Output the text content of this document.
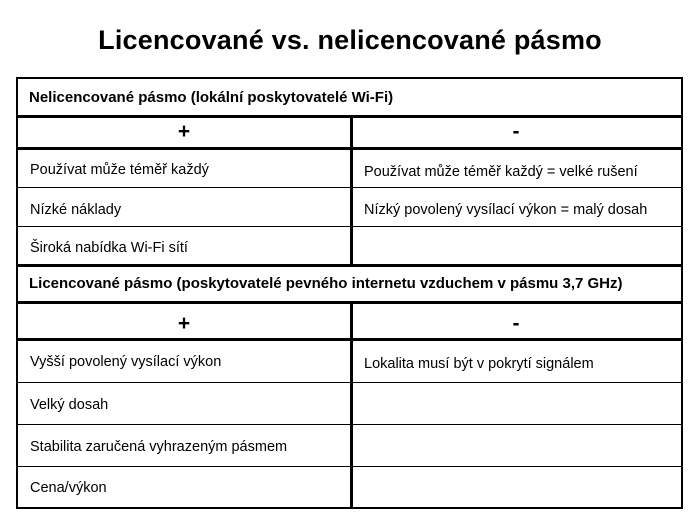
Licencované vs. nelicencované pásmo
Nelicencované pásmo (lokální poskytovatelé Wi-Fi)
+	-
Používat může téměř každý	Používat může téměř každý = velké rušení
Nízké náklady	Nízký povolený vysílací výkon = malý dosah
Široká nabídka Wi-Fi sítí
Licencované pásmo (poskytovatelé pevného internetu vzduchem v pásmu 3,7 GHz)
+	-
Vyšší povolený vysílací výkon	Lokalita musí být v pokrytí signálem
Velký dosah
Stabilita zaručená vyhrazeným pásmem
Cena/výkon
